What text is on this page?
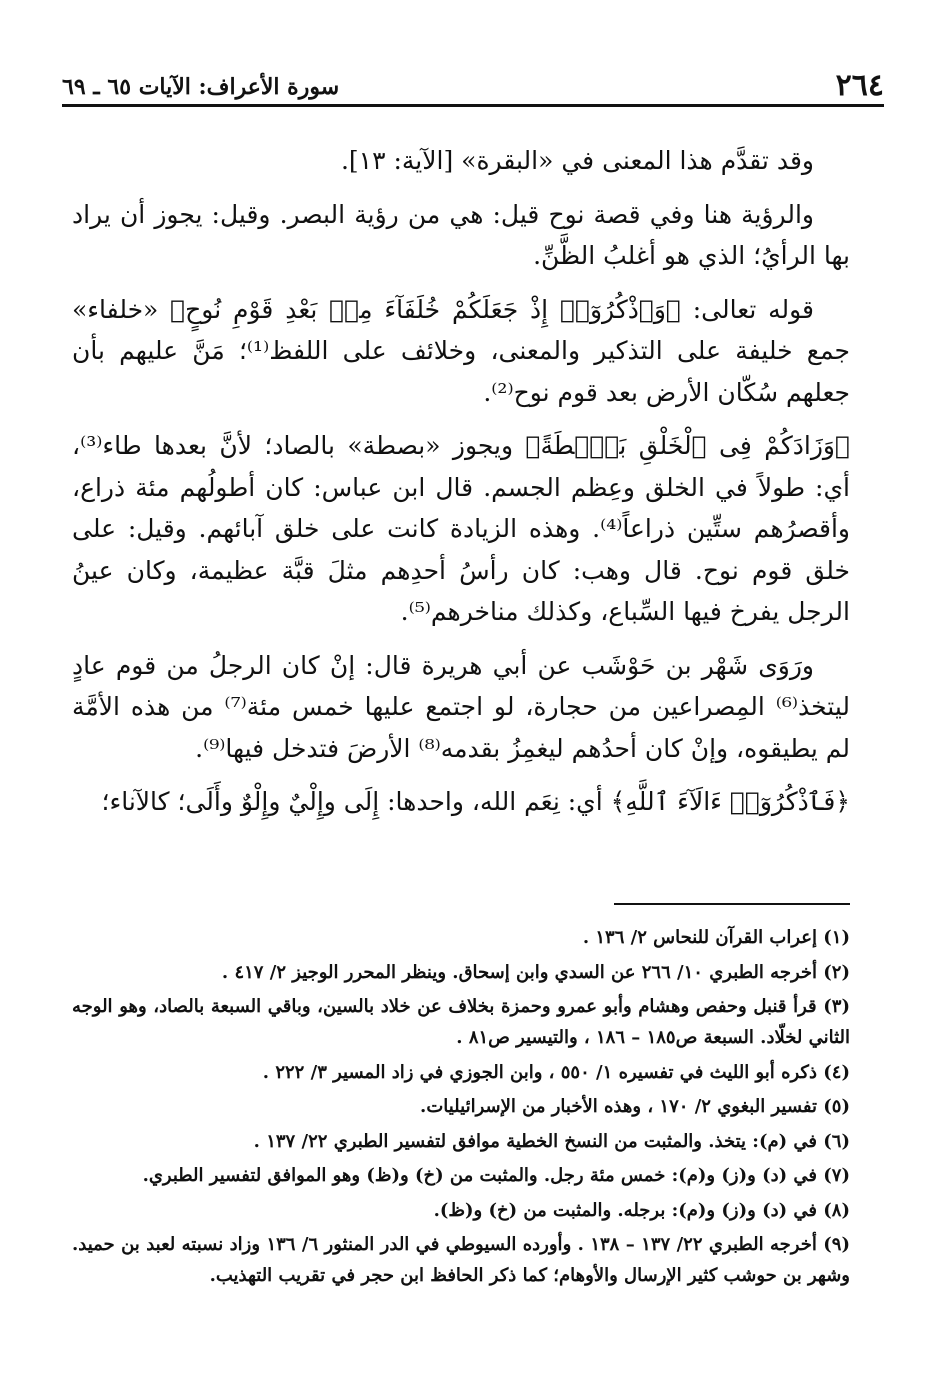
سورة الأعراف: الآيات ٦٥ ـ ٦٩	٢٦٤

وقد تقدَّم هذا المعنى في «البقرة» [الآية: ١٣].

والرؤية هنا وفي قصة نوح قيل: هي من رؤية البصر. وقيل: يجوز أن يراد بها الرأيُ؛ الذي هو أغلبُ الظَّنِّ.

قوله تعالى: ﴿وَٱذْكُرُوٓا۟ إِذْ جَعَلَكُمْ خُلَفَآءَ مِنۢ بَعْدِ قَوْمِ نُوحٍ﴾ «خلفاء» جمع خليفة على التذكير والمعنى، وخلائف على اللفظ⁽¹⁾؛ مَنَّ عليهم بأن جعلهم سُكّان الأرض بعد قوم نوح⁽²⁾.

﴿وَزَادَكُمْ فِى ٱلْخَلْقِ بَصْۜطَةً﴾ ويجوز «بصطة» بالصاد؛ لأنَّ بعدها طاء⁽³⁾، أي: طولاً في الخلق وعِظم الجسم. قال ابن عباس: كان أطولُهم مئة ذراع، وأقصرُهم ستِّين ذراعاً⁽⁴⁾. وهذه الزيادة كانت على خلق آبائهم. وقيل: على خلق قوم نوح. قال وهب: كان رأسُ أحدِهم مثلَ قبَّة عظيمة، وكان عينُ الرجل يفرخ فيها السِّباع، وكذلك مناخرهم⁽⁵⁾.

ورَوَى شَهْر بن حَوْشَب عن أبي هريرة قال: إنْ كان الرجلُ من قوم عادٍ ليتخذ⁽⁶⁾ المِصراعين من حجارة، لو اجتمع عليها خمس مئة⁽⁷⁾ من هذه الأمَّة لم يطيقوه، وإنْ كان أحدُهم ليغمِزُ بقدمه⁽⁸⁾ الأرضَ فتدخل فيها⁽⁹⁾.

﴿فَٱذْكُرُوٓا۟ ءَالَآءَ ٱللَّهِ﴾ أي: نِعَم الله، واحدها: إِلَى وإِلْيٌ وإِلْوٌ وأَلَى؛ كالآناء؛

(١) إعراب القرآن للنحاس ٢/ ١٣٦ .
(٢) أخرجه الطبري ١٠/ ٢٦٦ عن السدي وابن إسحاق. وينظر المحرر الوجيز ٢/ ٤١٧ .
(٣) قرأ قنبل وحفص وهشام وأبو عمرو وحمزة بخلاف عن خلاد بالسين، وباقي السبعة بالصاد، وهو الوجه الثاني لخلّاد. السبعة ص١٨٥ – ١٨٦ ، والتيسير ص٨١ .
(٤) ذكره أبو الليث في تفسيره ١/ ٥٥٠ ، وابن الجوزي في زاد المسير ٣/ ٢٢٢ .
(٥) تفسير البغوي ٢/ ١٧٠ ، وهذه الأخبار من الإسرائيليات.
(٦) في (م): يتخذ. والمثبت من النسخ الخطية موافق لتفسير الطبري ٢٢/ ١٣٧ .
(٧) في (د) و(ز) و(م): خمس مئة رجل. والمثبت من (خ) و(ظ) وهو الموافق لتفسير الطبري.
(٨) في (د) و(ز) و(م): برجله. والمثبت من (خ) و(ظ).
(٩) أخرجه الطبري ٢٢/ ١٣٧ – ١٣٨ . وأورده السيوطي في الدر المنثور ٦/ ١٣٦ وزاد نسبته لعبد بن حميد. وشهر بن حوشب كثير الإرسال والأوهام؛ كما ذكر الحافظ ابن حجر في تقريب التهذيب.
